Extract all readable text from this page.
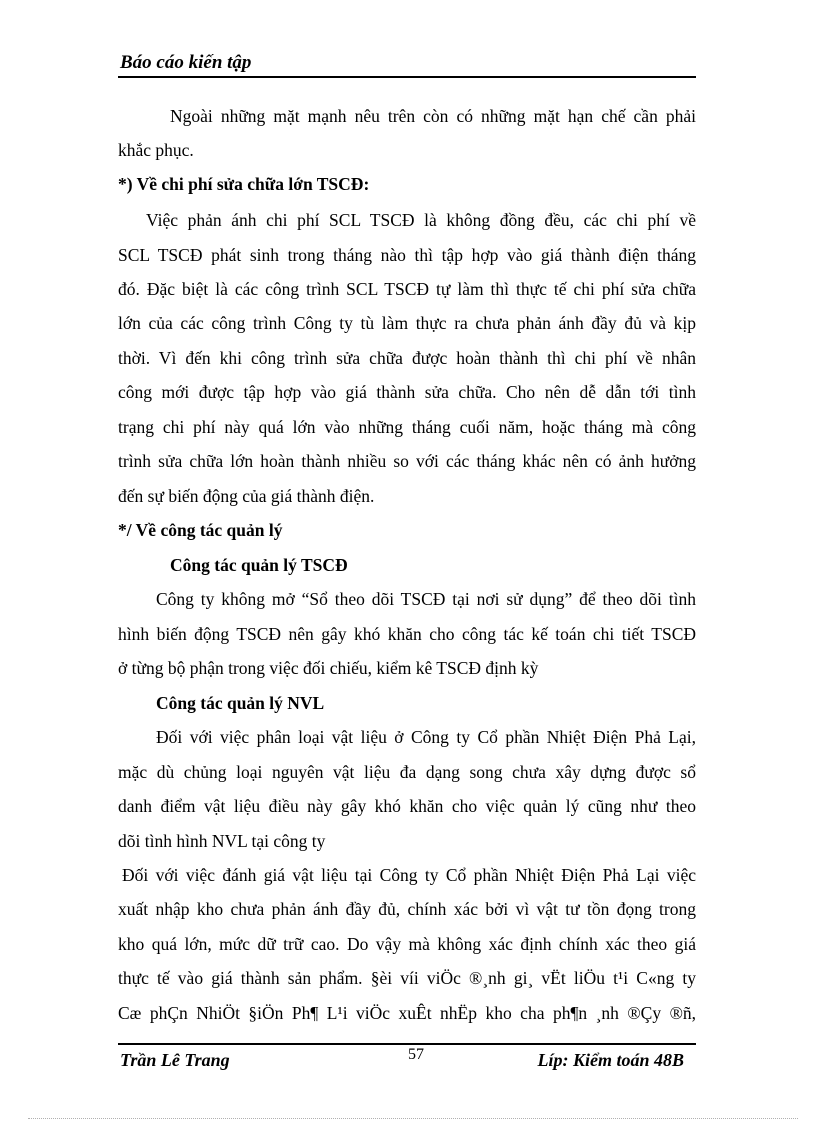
Báo cáo kiến tập
Ngoài những mặt mạnh nêu trên còn có những mặt hạn chế cần phải
khắc phục.
*) Về chi phí sửa chữa lớn TSCĐ:
Việc phản ánh chi phí SCL TSCĐ là không đồng đều, các chi phí về
SCL TSCĐ phát sinh trong tháng nào thì tập hợp vào giá thành điện tháng
đó. Đặc biệt là các công trình SCL TSCĐ tự làm thì thực tế chi phí sửa chữa
lớn của các công trình Công ty tù làm thực ra chưa phản ánh đầy đủ và kịp
thời. Vì đến khi công trình sửa chữa được hoàn thành thì chi phí về nhân
công mới được tập hợp vào giá thành sửa chữa. Cho nên dễ dẫn tới tình
trạng chi phí này quá lớn vào những tháng cuối năm, hoặc tháng mà công
trình sửa chữa lớn hoàn thành nhiều so với các tháng khác nên có ảnh hưởng
đến sự biến động của giá thành điện.
*/ Về công tác quản lý
Công tác quản lý TSCĐ
Công ty không mở “Sổ theo dõi TSCĐ tại nơi sử dụng” để theo dõi tình
hình biến động TSCĐ nên gây khó khăn cho công tác kế toán chi tiết TSCĐ
ở từng bộ phận trong việc đối chiếu, kiểm kê TSCĐ định kỳ
Công tác quản lý NVL
Đối với việc phân loại vật liệu ở Công ty Cổ phần Nhiệt Điện Phả Lại,
mặc dù chủng loại nguyên vật liệu đa dạng song chưa xây dựng được sổ
danh điểm vật liệu điều này gây khó khăn cho việc quản lý cũng như theo
dõi tình hình NVL tại công ty
Đối với việc đánh giá vật liệu tại Công ty Cổ phần Nhiệt Điện Phả Lại việc
xuất nhập kho chưa phản ánh đầy đủ, chính xác bởi vì vật tư tồn đọng trong
kho quá lớn, mức dữ trữ cao. Do vậy mà không xác định chính xác theo giá
thực tế vào giá thành sản phẩm. §èi víi viÖc ®¸nh gi¸ vËt liÖu t¹i C«ng ty
Cæ phÇn NhiÖt §iÖn Ph¶ L¹i viÖc xuÊt nhËp kho cha ph¶n ¸nh ®Çy ®ñ,
Trần Lê Trang	57	Líp: Kiểm toán 48B
